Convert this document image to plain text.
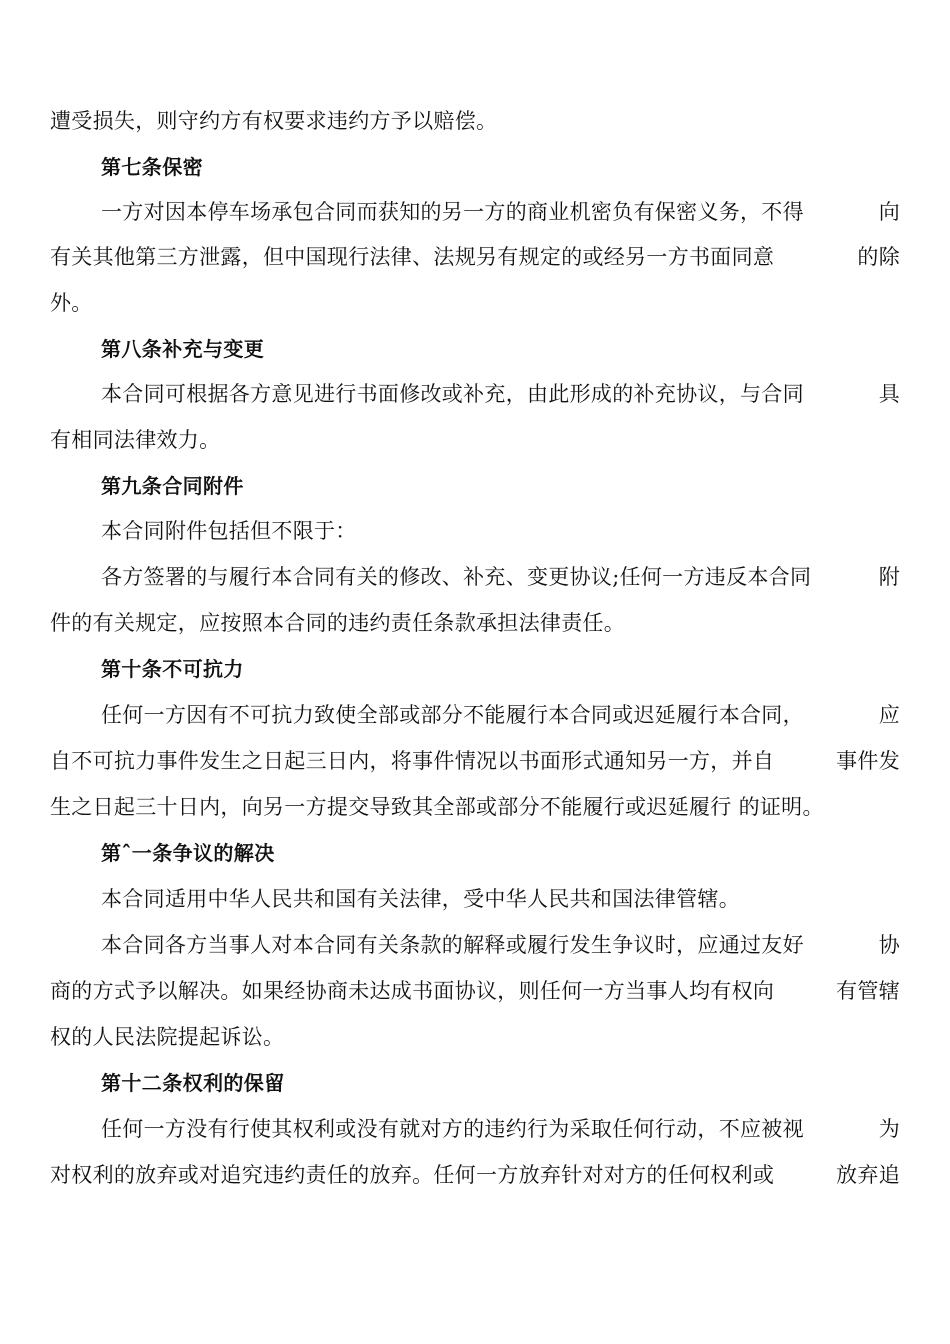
遭受损失，则守约方有权要求违约方予以赔偿。
第七条保密
一方对因本停车场承包合同而获知的另一方的商业机密负有保密义务，不得	向
有关其他第三方泄露，但中国现行法律、法规另有规定的或经另一方书面同意	的除
外。
第八条补充与变更
本合同可根据各方意见进行书面修改或补充，由此形成的补充协议，与合同	具
有相同法律效力。
第九条合同附件
本合同附件包括但不限于：
各方签署的与履行本合同有关的修改、补充、变更协议;任何一方违反本合同	附
件的有关规定，应按照本合同的违约责任条款承担法律责任。
第十条不可抗力
任何一方因有不可抗力致使全部或部分不能履行本合同或迟延履行本合同，	应
自不可抗力事件发生之日起三日内，将事件情况以书面形式通知另一方，并自	事件发
生之日起三十日内，向另一方提交导致其全部或部分不能履行或迟延履行 的证明。
第ˆ一条争议的解决
本合同适用中华人民共和国有关法律，受中华人民共和国法律管辖。
本合同各方当事人对本合同有关条款的解释或履行发生争议时，应通过友好	协
商的方式予以解决。如果经协商未达成书面协议，则任何一方当事人均有权向	有管辖
权的人民法院提起诉讼。
第十二条权利的保留
任何一方没有行使其权利或没有就对方的违约行为采取任何行动，不应被视	为
对权利的放弃或对追究违约责任的放弃。任何一方放弃针对对方的任何权利或	放弃追
